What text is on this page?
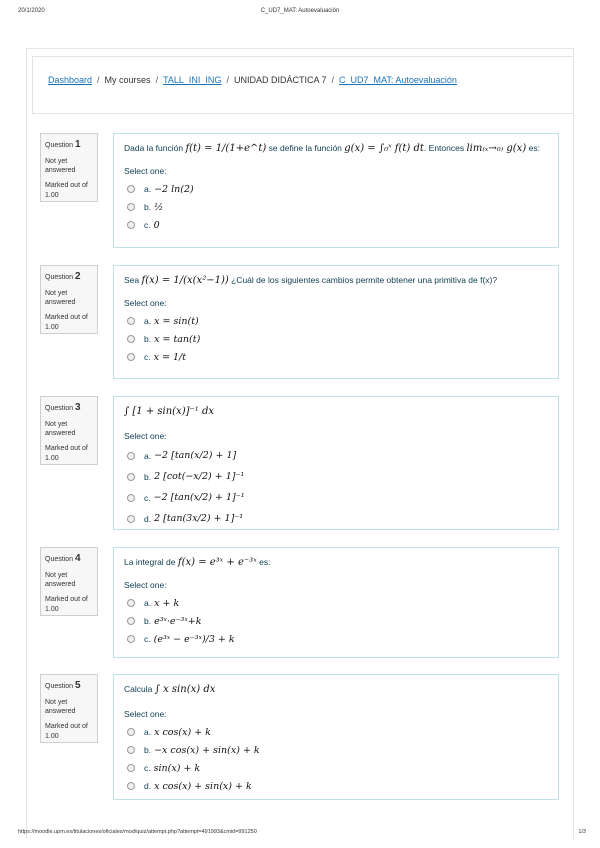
20/1/2020	C_UD7_MAT: Autoevaluación
Dashboard / My courses / TALL_INI_ING / UNIDAD DIDÁCTICA 7 / C_UD7_MAT: Autoevaluación
Question 1
Not yet answered
Marked out of 1.00
Dada la función f(t) = 1/(1+e^t) se define la función g(x) = ∫₀ˣ f(t) dt. Entonces lim₍ₓ→₀₎ g(x) es:
Select one:
a. −2 ln(2)
b. ½
c. 0
Question 2
Not yet answered
Marked out of 1.00
Sea f(x) = 1/(x(x²−1)) ¿Cuál de los siguientes cambios permite obtener una primitiva de f(x)?
Select one:
a. x = sin(t)
b. x = tan(t)
c. x = 1/t
Question 3
Not yet answered
Marked out of 1.00
∫ [1 + sin(x)]⁻¹ dx
Select one:
a. −2 [tan(x/2) + 1]
b. 2 [cot(−x/2) + 1]⁻¹
c. −2 [tan(x/2) + 1]⁻¹
d. 2 [tan(3x/2) + 1]⁻¹
Question 4
Not yet answered
Marked out of 1.00
La integral de f(x) = e³ˣ + e⁻³ˣ es:
Select one:
a. x + k
b. e³ˣ·e⁻³ˣ+k
c. (e³ˣ − e⁻³ˣ)/3 + k
Question 5
Not yet answered
Marked out of 1.00
Calcula ∫ x sin(x) dx
Select one:
a. x cos(x) + k
b. −x cos(x) + sin(x) + k
c. sin(x) + k
d. x cos(x) + sin(x) + k
https://moodle.upm.es/titulaciones/oficiales/mod/quiz/attempt.php?attempt=491993&cmid=991250	1/3
